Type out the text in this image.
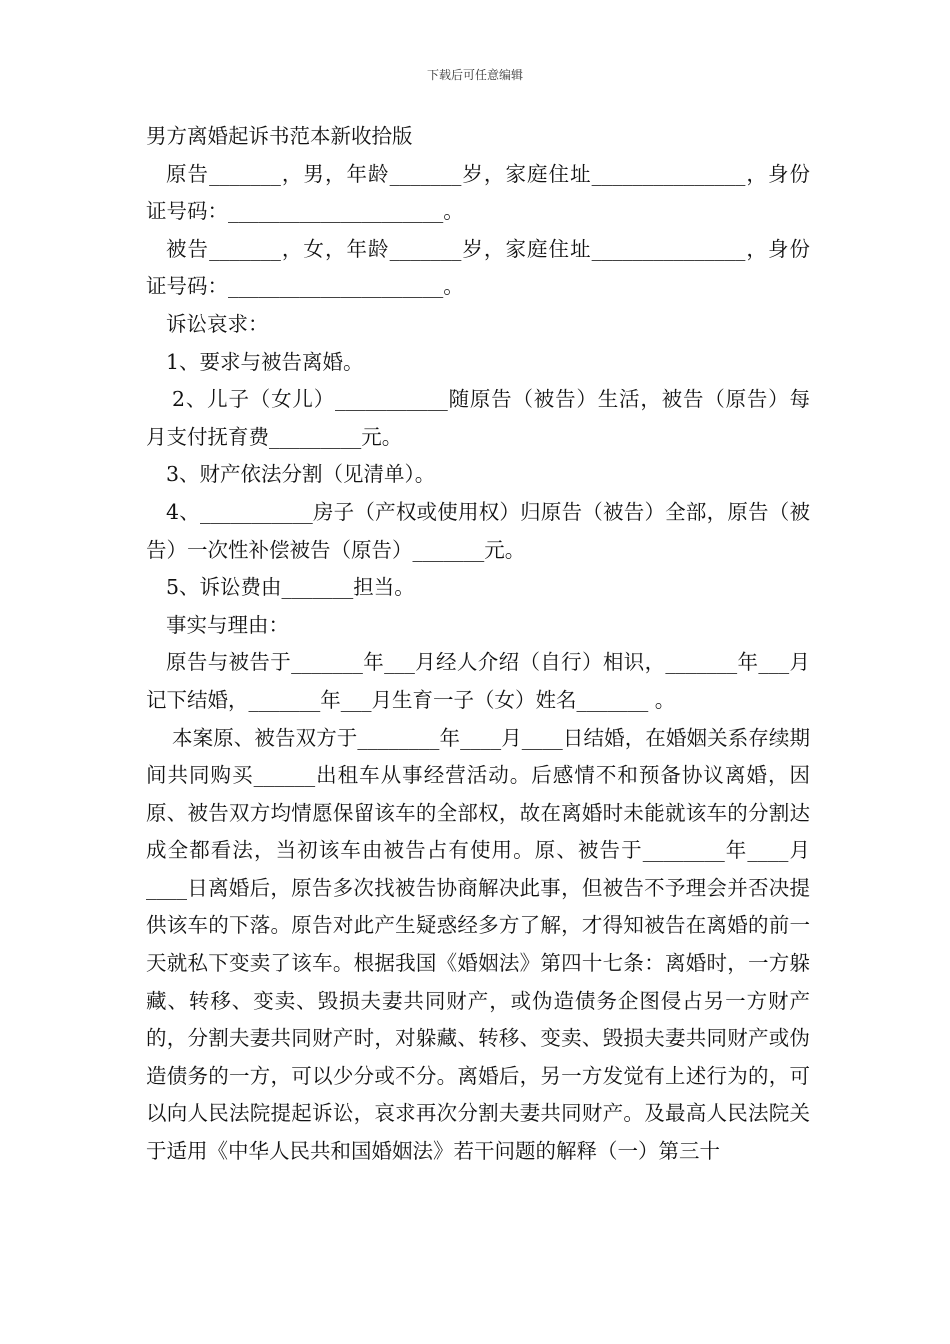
下载后可任意编辑

男方离婚起诉书范本新收拾版

原告_______，男，年龄_______岁，家庭住址_______________，身份证号码：_____________________。

被告_______，女，年龄_______岁，家庭住址_______________，身份证号码：_____________________。

诉讼哀求：

1、要求与被告离婚。

2、儿子（女儿）___________随原告（被告）生活，被告（原告）每月支付抚育费_________元。

3、财产依法分割（见清单）。

4、___________房子（产权或使用权）归原告（被告）全部，原告（被告）一次性补偿被告（原告）_______元。

5、诉讼费由_______担当。

事实与理由：

原告与被告于_______年___月经人介绍（自行）相识，_______年___月记下结婚，_______年___月生育一子（女）姓名_______ 。

本案原、被告双方于________年____月____日结婚，在婚姻关系存续期间共同购买______出租车从事经营活动。后感情不和预备协议离婚，因原、被告双方均情愿保留该车的全部权，故在离婚时未能就该车的分割达成全都看法，当初该车由被告占有使用。原、被告于________年____月____日离婚后，原告多次找被告协商解决此事，但被告不予理会并否决提供该车的下落。原告对此产生疑惑经多方了解，才得知被告在离婚的前一天就私下变卖了该车。根据我国《婚姻法》第四十七条：离婚时，一方躲藏、转移、变卖、毁损夫妻共同财产，或伪造债务企图侵占另一方财产的，分割夫妻共同财产时，对躲藏、转移、变卖、毁损夫妻共同财产或伪造债务的一方，可以少分或不分。离婚后，另一方发觉有上述行为的，可以向人民法院提起诉讼，哀求再次分割夫妻共同财产。及最高人民法院关于适用《中华人民共和国婚姻法》若干问题的解释（一）第三十
